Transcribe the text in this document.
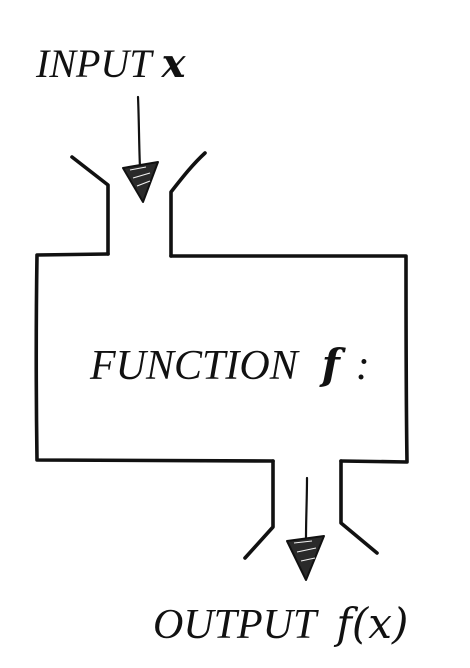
INPUT x
FUNCTION f :
OUTPUT f(x)
